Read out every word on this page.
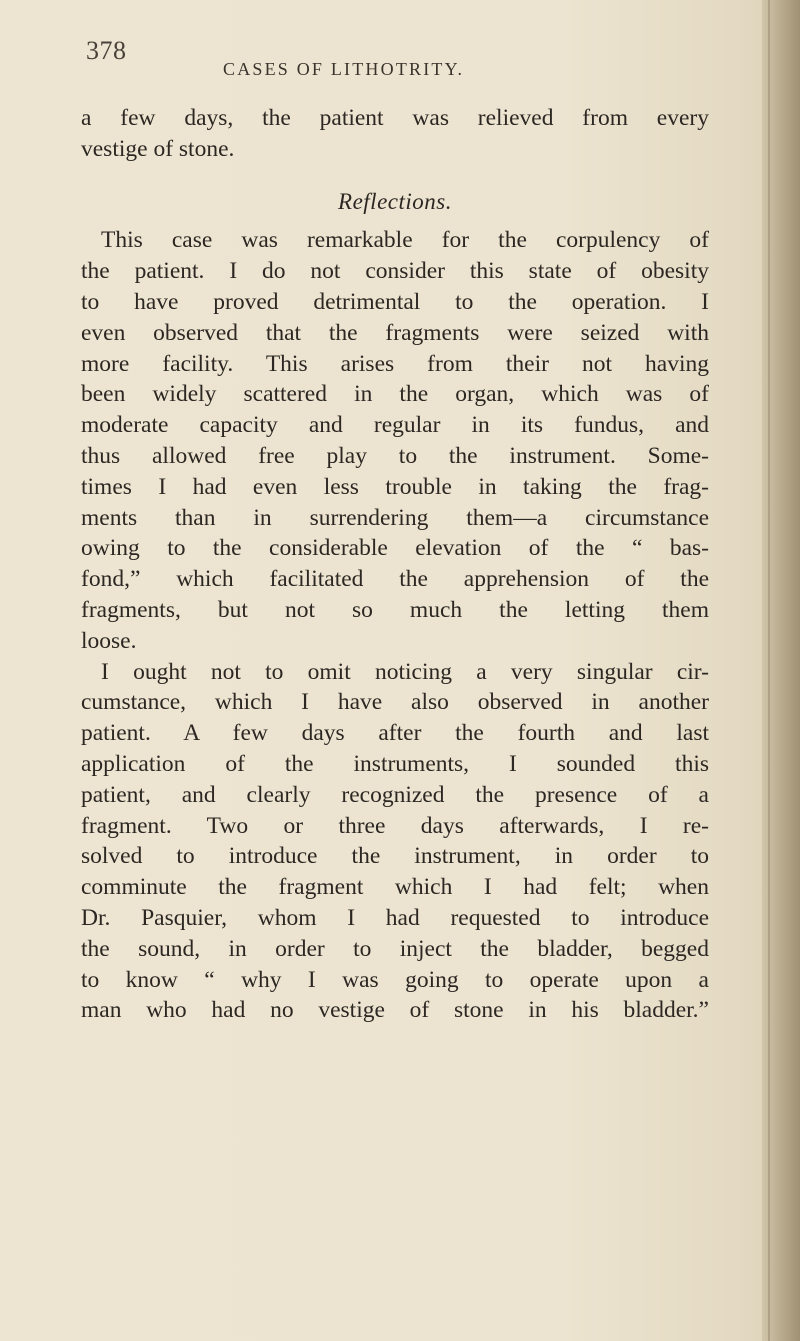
378
CASES OF LITHOTRITY.
a few days, the patient was relieved from every
vestige of stone.
Reflections.
This case was remarkable for the corpulency of
the patient. I do not consider this state of obesity
to have proved detrimental to the operation. I
even observed that the fragments were seized with
more facility. This arises from their not having
been widely scattered in the organ, which was of
moderate capacity and regular in its fundus, and
thus allowed free play to the instrument. Some-
times I had even less trouble in taking the frag-
ments than in surrendering them—a circumstance
owing to the considerable elevation of the “ bas-
fond,” which facilitated the apprehension of the
fragments, but not so much the letting them
loose.
I ought not to omit noticing a very singular cir-
cumstance, which I have also observed in another
patient. A few days after the fourth and last
application of the instruments, I sounded this
patient, and clearly recognized the presence of a
fragment. Two or three days afterwards, I re-
solved to introduce the instrument, in order to
comminute the fragment which I had felt; when
Dr. Pasquier, whom I had requested to introduce
the sound, in order to inject the bladder, begged
to know “ why I was going to operate upon a
man who had no vestige of stone in his bladder.”
